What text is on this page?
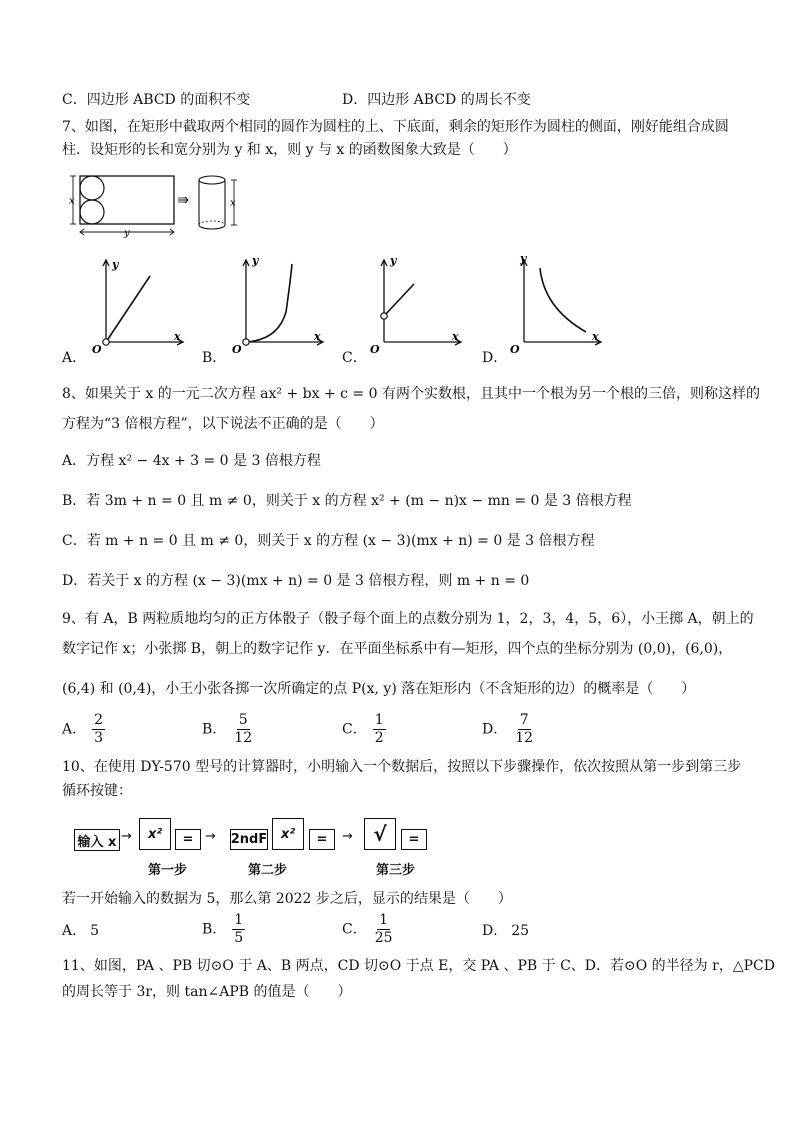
C．四边形 ABCD 的面积不变	D．四边形 ABCD 的周长不变
7、如图，在矩形中截取两个相同的圆作为圆柱的上、下底面，剩余的矩形作为圆柱的侧面，刚好能组合成圆
柱．设矩形的长和宽分别为 y 和 x，则 y 与 x 的函数图象大致是（　　）
x
y
x
y
x
O
y
x
O
y
x
O
y
x
O
A．	B．	C．	D．
8、如果关于 x 的一元二次方程 ax² + bx + c = 0 有两个实数根，且其中一个根为另一个根的三倍，则称这样的
方程为“3 倍根方程”，以下说法不正确的是（　　）
A．方程 x² − 4x + 3 = 0 是 3 倍根方程
B．若 3m + n = 0 且 m ≠ 0，则关于 x 的方程 x² + (m − n)x − mn = 0 是 3 倍根方程
C．若 m + n = 0 且 m ≠ 0，则关于 x 的方程 (x − 3)(mx + n) = 0 是 3 倍根方程
D．若关于 x 的方程 (x − 3)(mx + n) = 0 是 3 倍根方程，则 m + n = 0
9、有 A，B 两粒质地均匀的正方体骰子（骰子每个面上的点数分别为 1，2，3，4，5，6），小王掷 A，朝上的
数字记作 x；小张掷 B，朝上的数字记作 y．在平面坐标系中有—矩形，四个点的坐标分别为 (0,0)，(6,0)，
(6,4) 和 (0,4)，小王小张各掷一次所确定的点 P(x, y) 落在矩形内（不含矩形的边）的概率是（　　）
A． $\frac{2}{3}$	B． $\frac{5}{12}$	C． $\frac{1}{2}$	D． $\frac{7}{12}$
10、在使用 DY-570 型号的计算器时，小明输入一个数据后，按照以下步骤操作，依次按照从第一步到第三步
循环按键：
输入 x →	x²	= → 2ndF	x²	=	→	√	=
第一步	第二步	第三步
若一开始输入的数据为 5，那么第 2022 步之后，显示的结果是（　　）
A． 5	B． $\frac{1}{5}$	C． $\frac{1}{25}$	D． 25
11、如图，PA 、PB 切⊙O 于 A、B 两点，CD 切⊙O 于点 E，交 PA 、PB 于 C、D．若⊙O 的半径为 r，△PCD
的周长等于 3r，则 tan∠APB 的值是（　　）
